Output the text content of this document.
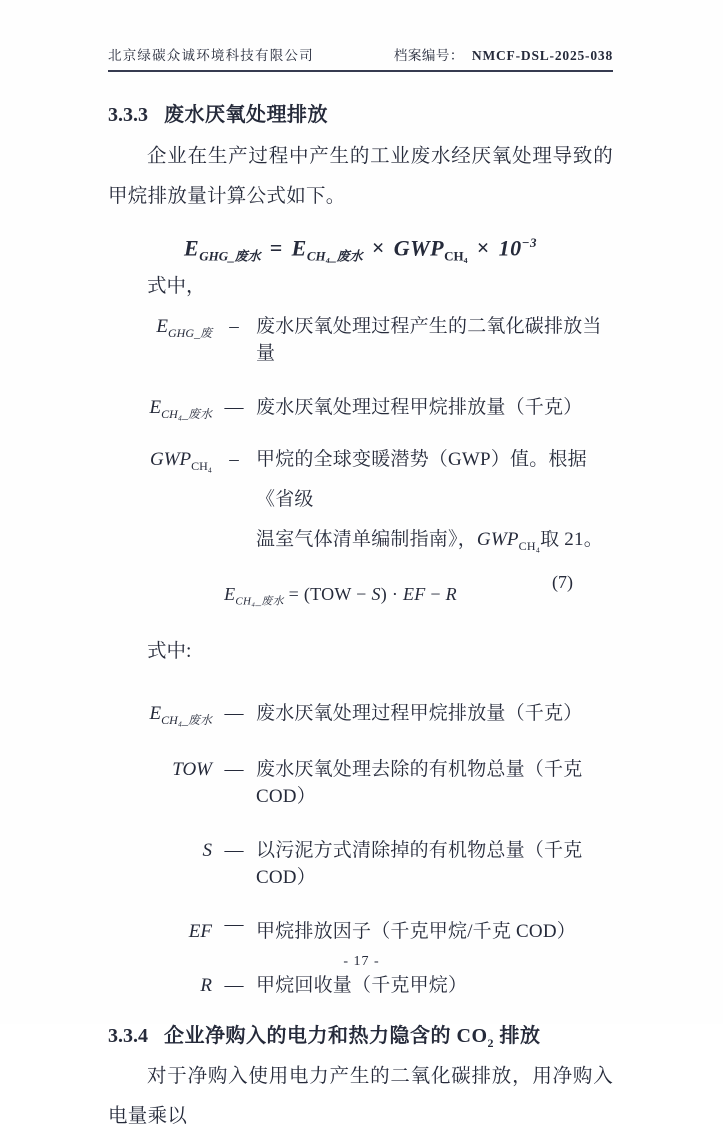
北京绿碳众诚环境科技有限公司	档案编号： NMCF-DSL-2025-038
3.3.3 废水厌氧处理排放
企业在生产过程中产生的工业废水经厌氧处理导致的甲烷排放量计算公式如下。
$E_{GHG\_废水} = E_{CH_4\_废水} \times GWP_{CH_4} \times 10^{-3}$
式中，
$E_{GHG\_废}$ – 废水厌氧处理过程产生的二氧化碳排放当量
$E_{CH_4\_废水}$ — 废水厌氧处理过程甲烷排放量（千克）
$GWP_{CH_4}$ – 甲烷的全球变暖潜势（GWP）值。根据《省级
温室气体清单编制指南》，$GWP_{CH_4}$取 21。
(7)
$E_{CH_4\_废水} = (TOW - S)$ · EF − R
式中:
$E_{CH_4\_废水}$ — 废水厌氧处理过程甲烷排放量（千克）
TOW — 废水厌氧处理去除的有机物总量（千克 COD）
S — 以污泥方式清除掉的有机物总量（千克 COD）
EF — 甲烷排放因子（千克甲烷/千克 COD）
R — 甲烷回收量（千克甲烷）
3.3.4 企业净购入的电力和热力隐含的 $CO_2$ 排放
对于净购入使用电力产生的二氧化碳排放，用净购入电量乘以
- 17 -
